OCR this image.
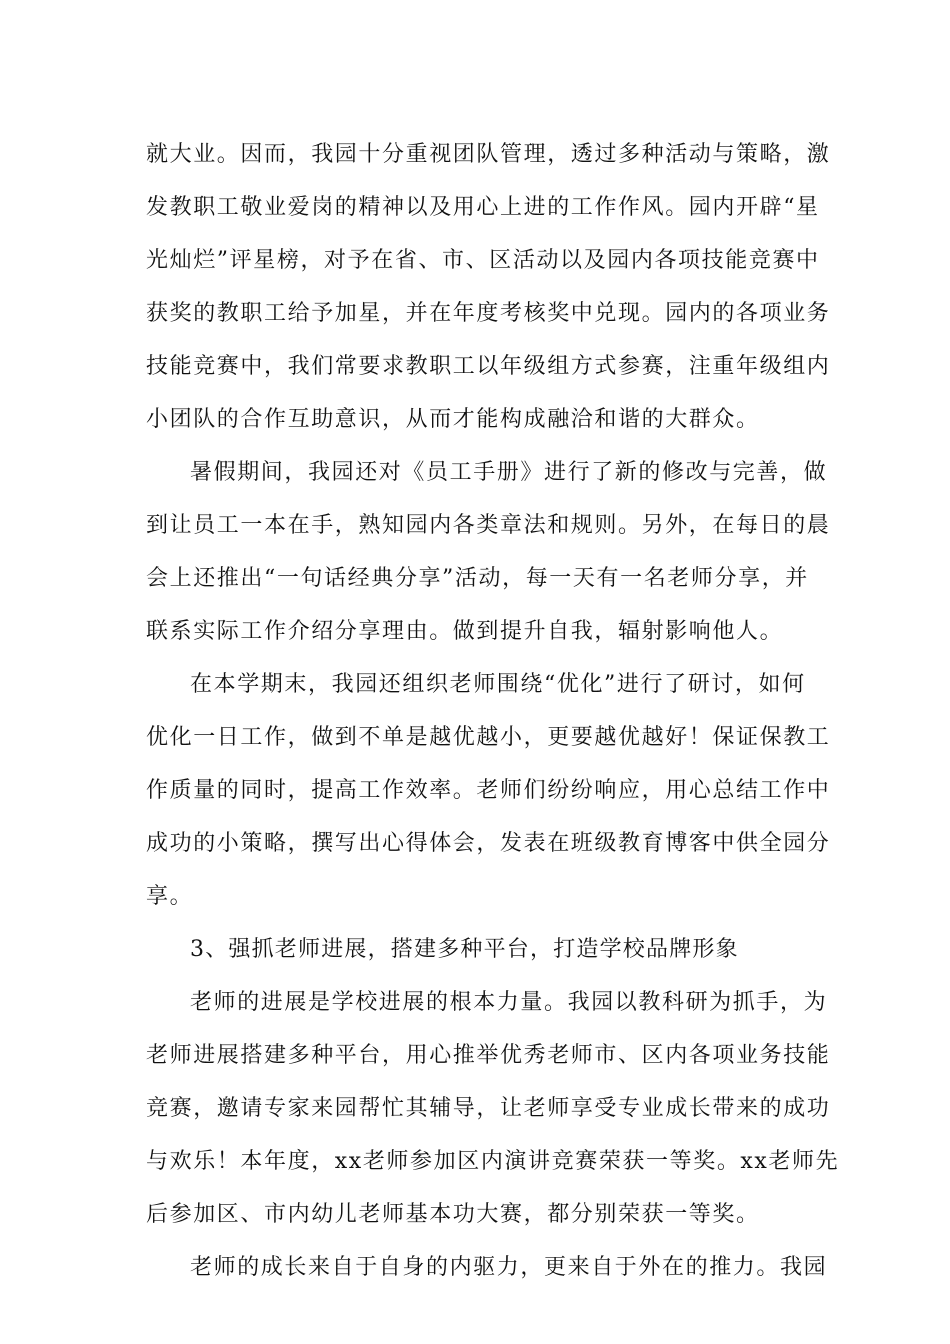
就大业。因而，我园十分重视团队管理，透过多种活动与策略，激
发教职工敬业爱岗的精神以及用心上进的工作作风。园内开辟“星
光灿烂”评星榜，对予在省、市、区活动以及园内各项技能竞赛中
获奖的教职工给予加星，并在年度考核奖中兑现。园内的各项业务
技能竞赛中，我们常要求教职工以年级组方式参赛，注重年级组内
小团队的合作互助意识，从而才能构成融洽和谐的大群众。
暑假期间，我园还对《员工手册》进行了新的修改与完善，做
到让员工一本在手，熟知园内各类章法和规则。另外，在每日的晨
会上还推出“一句话经典分享”活动，每一天有一名老师分享，并
联系实际工作介绍分享理由。做到提升自我，辐射影响他人。
在本学期末，我园还组织老师围绕“优化”进行了研讨，如何
优化一日工作，做到不单是越优越小，更要越优越好！保证保教工
作质量的同时，提高工作效率。老师们纷纷响应，用心总结工作中
成功的小策略，撰写出心得体会，发表在班级教育博客中供全园分
享。
3、强抓老师进展，搭建多种平台，打造学校品牌形象
老师的进展是学校进展的根本力量。我园以教科研为抓手，为
老师进展搭建多种平台，用心推举优秀老师市、区内各项业务技能
竞赛，邀请专家来园帮忙其辅导，让老师享受专业成长带来的成功
与欢乐！本年度，xx老师参加区内演讲竞赛荣获一等奖。xx老师先
后参加区、市内幼儿老师基本功大赛，都分别荣获一等奖。
老师的成长来自于自身的内驱力，更来自于外在的推力。我园
